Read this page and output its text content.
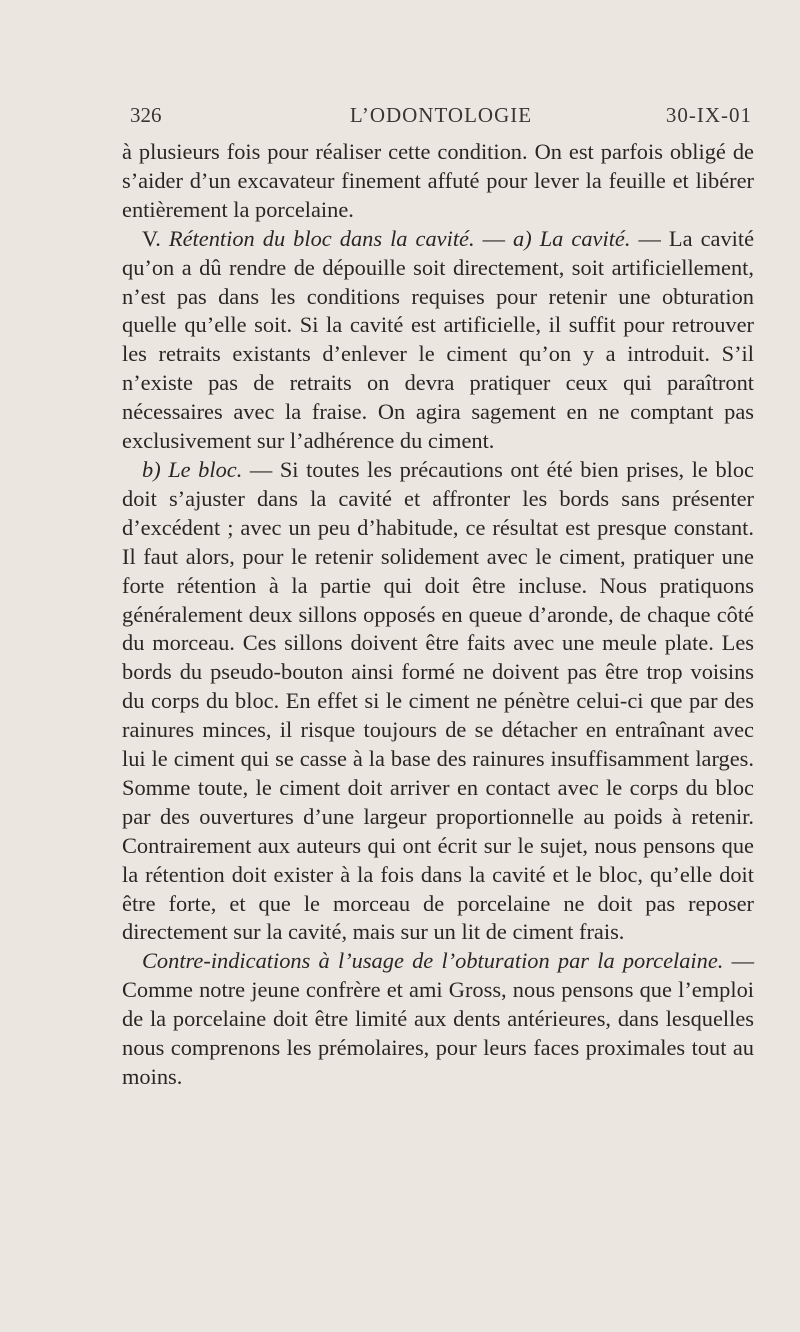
326	L’ODONTOLOGIE	30-IX-01

à plusieurs fois pour réaliser cette condition. On est parfois obligé de s’aider d’un excavateur finement affuté pour lever la feuille et libérer entièrement la porcelaine.

V. Rétention du bloc dans la cavité. — a) La cavité. — La cavité qu’on a dû rendre de dépouille soit directement, soit artificiellement, n’est pas dans les conditions requises pour retenir une obturation quelle qu’elle soit. Si la cavité est artificielle, il suffit pour retrouver les retraits existants d’enlever le ciment qu’on y a introduit. S’il n’existe pas de retraits on devra pratiquer ceux qui paraîtront nécessaires avec la fraise. On agira sagement en ne comptant pas exclusivement sur l’adhérence du ciment.

b) Le bloc. — Si toutes les précautions ont été bien prises, le bloc doit s’ajuster dans la cavité et affronter les bords sans présenter d’excédent ; avec un peu d’habitude, ce résultat est presque constant. Il faut alors, pour le retenir solidement avec le ciment, pratiquer une forte rétention à la partie qui doit être incluse. Nous pratiquons généralement deux sillons opposés en queue d’aronde, de chaque côté du morceau. Ces sillons doivent être faits avec une meule plate. Les bords du pseudo-bouton ainsi formé ne doivent pas être trop voisins du corps du bloc. En effet si le ciment ne pénètre celui-ci que par des rainures minces, il risque toujours de se détacher en entraînant avec lui le ciment qui se casse à la base des rainures insuffisamment larges. Somme toute, le ciment doit arriver en contact avec le corps du bloc par des ouvertures d’une largeur proportionnelle au poids à retenir. Contrairement aux auteurs qui ont écrit sur le sujet, nous pensons que la rétention doit exister à la fois dans la cavité et le bloc, qu’elle doit être forte, et que le morceau de porcelaine ne doit pas reposer directement sur la cavité, mais sur un lit de ciment frais.

Contre-indications à l’usage de l’obturation par la porcelaine. — Comme notre jeune confrère et ami Gross, nous pensons que l’emploi de la porcelaine doit être limité aux dents antérieures, dans lesquelles nous comprenons les prémolaires, pour leurs faces proximales tout au moins.
